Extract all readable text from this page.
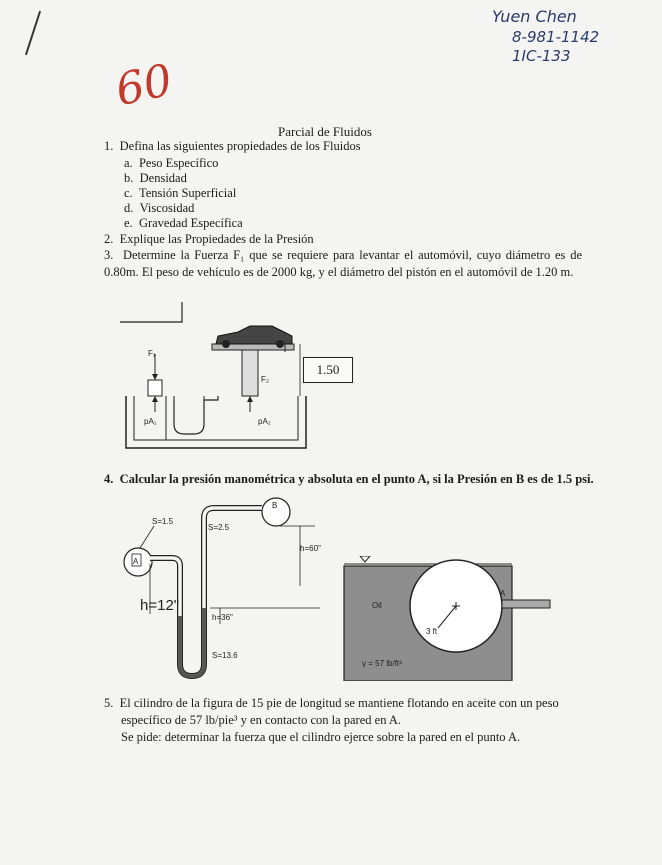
Yuen Chen
8-981-1142
1IC-133
60
Parcial de Fluidos
1. Defina las siguientes propiedades de los Fluidos
a. Peso Específico
b. Densidad
c. Tensión Superficial
d. Viscosidad
e. Gravedad Específica
2. Explique las Propiedades de la Presión
3. Determine la Fuerza F₁ que se requiere para levantar el automóvil, cuyo diámetro es de 0.80m. El peso de vehículo es de 2000 kg, y el diámetro del pistón en el automóvil de 1.20 m.
F₁
F₂
pA₁	pA₂
1.50
4. Calcular la presión manométrica y absoluta en el punto A, si la Presión en B es de 1.5 psi.
S=1.5
S=2.5
S=13.6
A
B
h=60"
h=12"
h=36"
Oil
3 ft
A
γ = 57 lb/ft³
5. El cilindro de la figura de 15 pie de longitud se mantiene flotando en aceite con un peso
específico de 57 lb/pie³ y en contacto con la pared en A.
Se pide: determinar la fuerza que el cilindro ejerce sobre la pared en el punto A.
